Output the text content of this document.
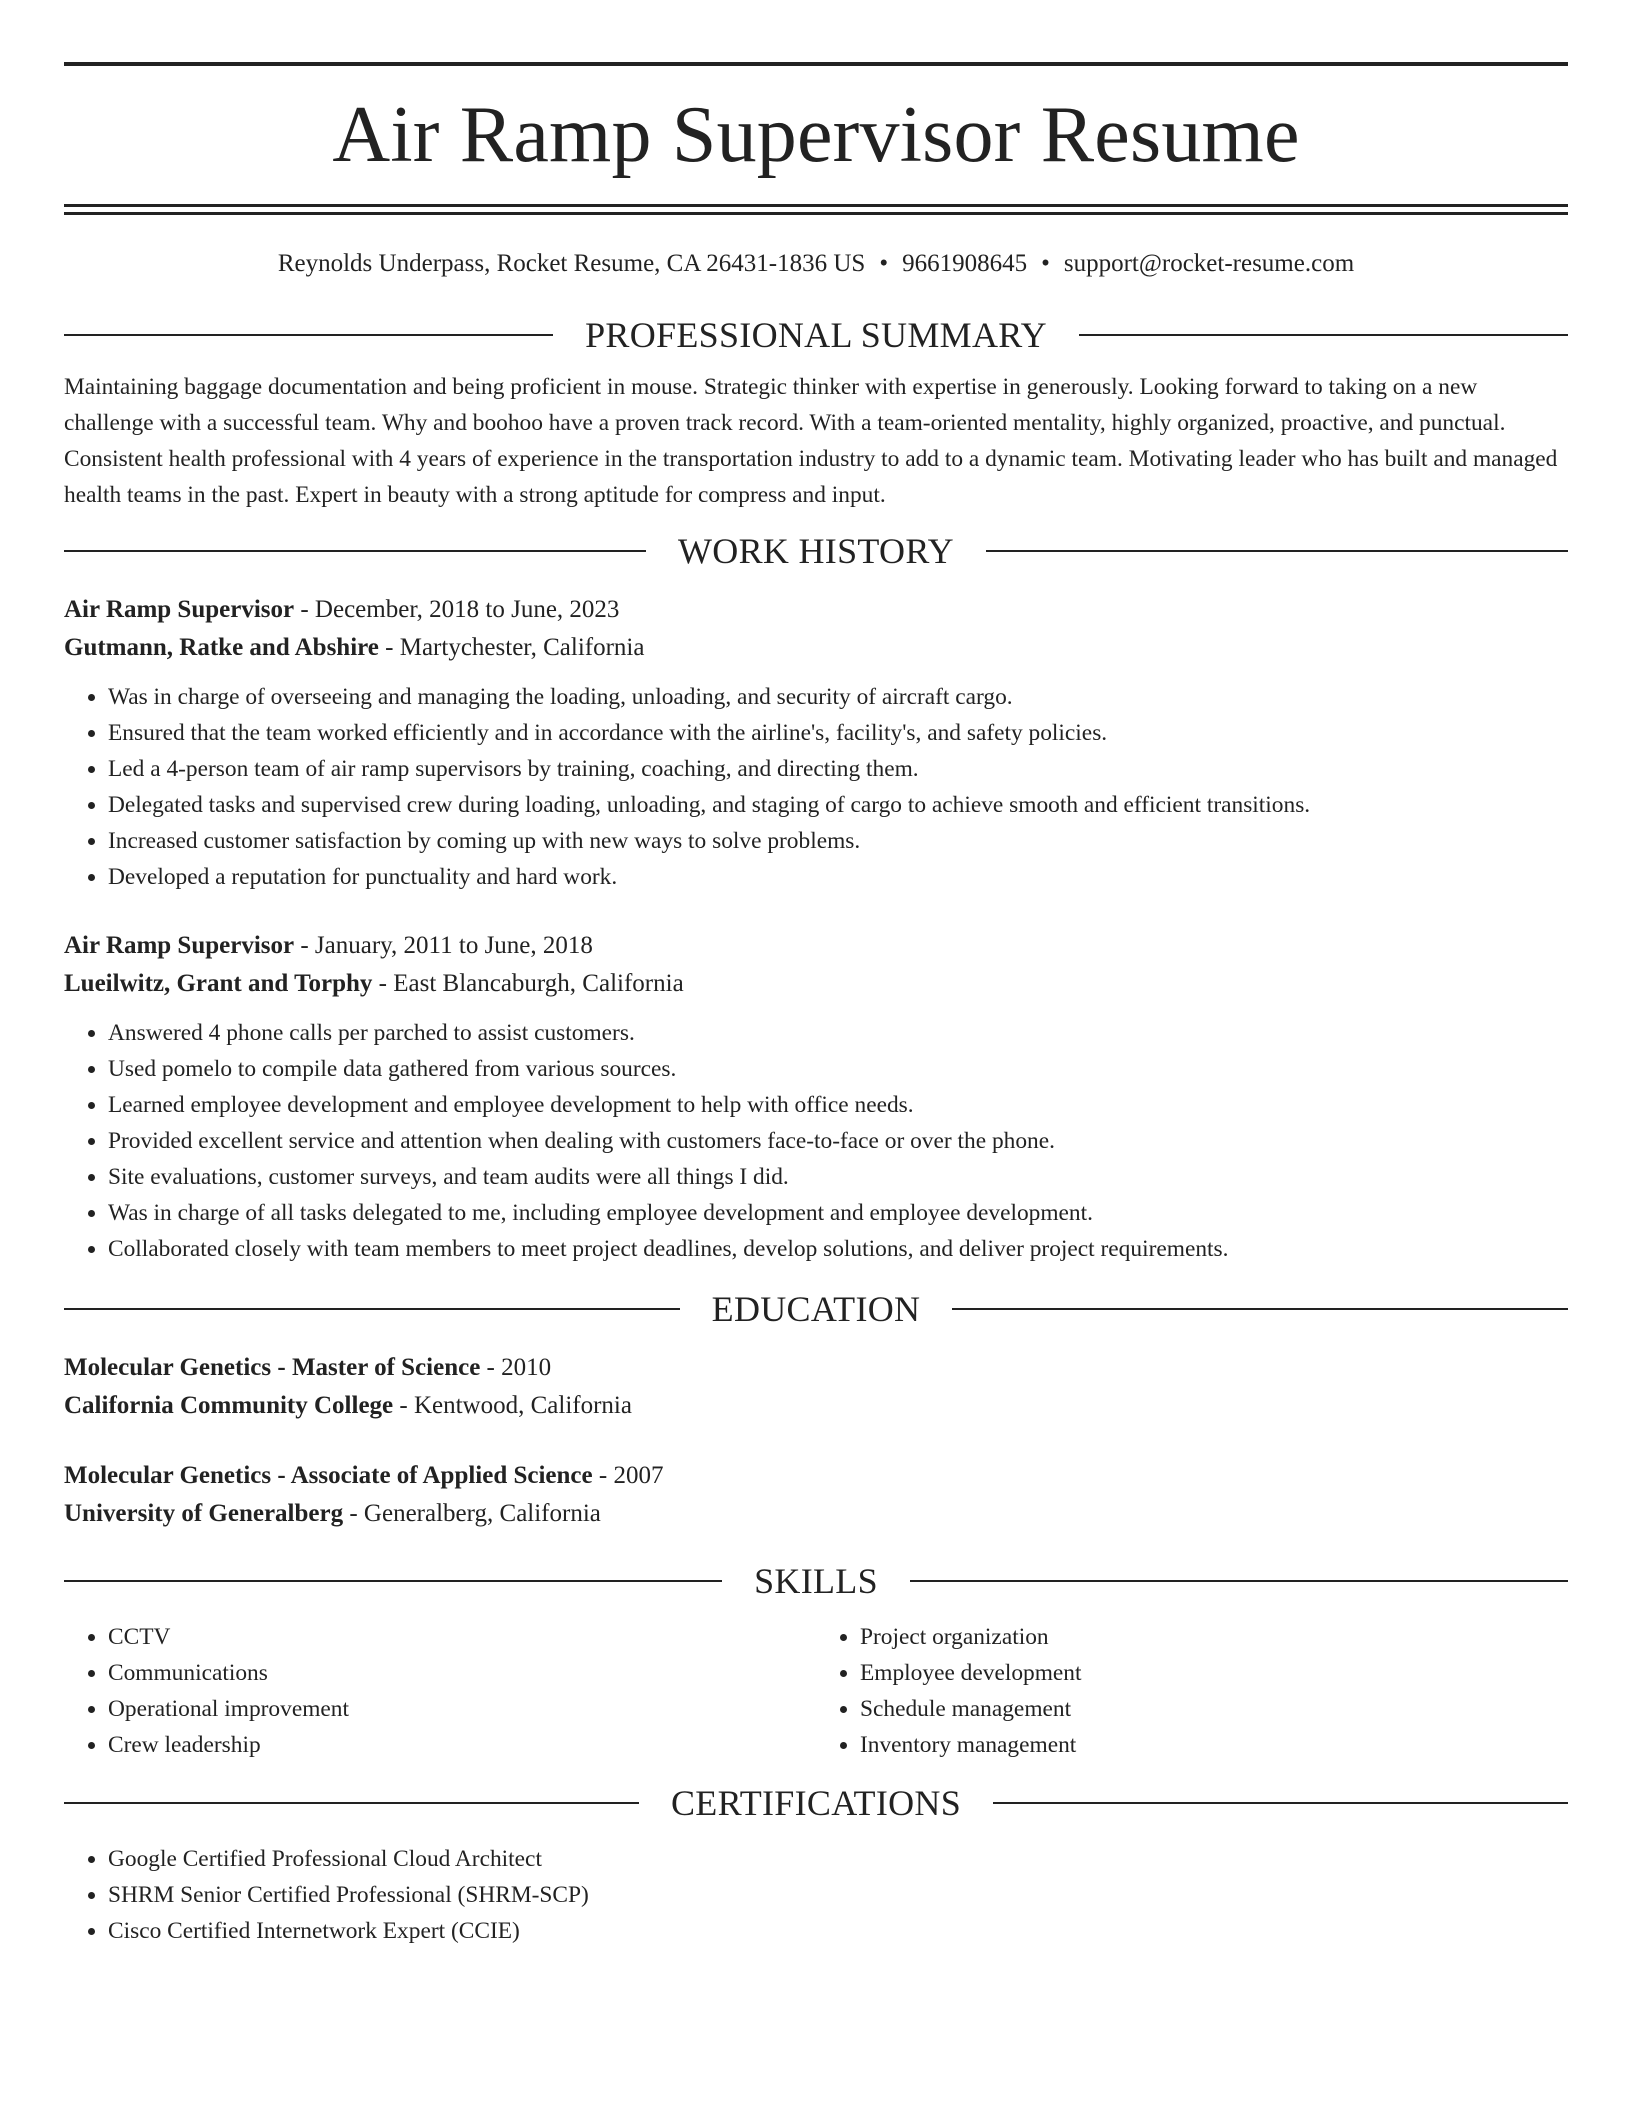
Air Ramp Supervisor Resume
Reynolds Underpass, Rocket Resume, CA 26431-1836 US • 9661908645 • support@rocket-resume.com
PROFESSIONAL SUMMARY

Maintaining baggage documentation and being proficient in mouse. Strategic thinker with expertise in generously. Looking forward to taking on a new challenge with a successful team. Why and boohoo have a proven track record. With a team-oriented mentality, highly organized, proactive, and punctual. Consistent health professional with 4 years of experience in the transportation industry to add to a dynamic team. Motivating leader who has built and managed health teams in the past. Expert in beauty with a strong aptitude for compress and input.

WORK HISTORY

Air Ramp Supervisor - December, 2018 to June, 2023

Gutmann, Ratke and Abshire - Martychester, California

• Was in charge of overseeing and managing the loading, unloading, and security of aircraft cargo.
• Ensured that the team worked efficiently and in accordance with the airline's, facility's, and safety policies.
• Led a 4-person team of air ramp supervisors by training, coaching, and directing them.
• Delegated tasks and supervised crew during loading, unloading, and staging of cargo to achieve smooth and efficient transitions.
• Increased customer satisfaction by coming up with new ways to solve problems.
• Developed a reputation for punctuality and hard work.

Air Ramp Supervisor - January, 2011 to June, 2018

Lueilwitz, Grant and Torphy - East Blancaburgh, California

• Answered 4 phone calls per parched to assist customers.
• Used pomelo to compile data gathered from various sources.
• Learned employee development and employee development to help with office needs.
• Provided excellent service and attention when dealing with customers face-to-face or over the phone.
• Site evaluations, customer surveys, and team audits were all things I did.
• Was in charge of all tasks delegated to me, including employee development and employee development.
• Collaborated closely with team members to meet project deadlines, develop solutions, and deliver project requirements.
EDUCATION

Molecular Genetics - Master of Science - 2010

California Community College - Kentwood, California

Molecular Genetics - Associate of Applied Science - 2007

University of Generalberg - Generalberg, California

SKILLS
• CCTV
• Communications
• Operational improvement
• Crew leadership
• Project organization
• Employee development
• Schedule management
• Inventory management
CERTIFICATIONS
• Google Certified Professional Cloud Architect
• SHRM Senior Certified Professional (SHRM-SCP)
• Cisco Certified Internetwork Expert (CCIE)
